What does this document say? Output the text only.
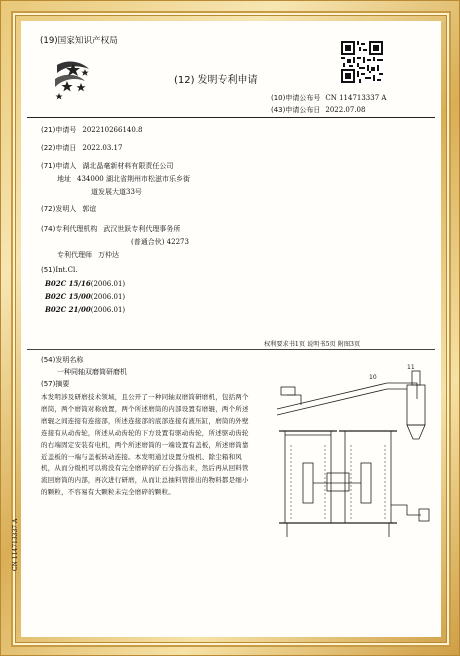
(19)国家知识产权局
(12) 发明专利申请
(10)申请公布号 CN 114713337 A
(43)申请公布日 2022.07.08
(21)申请号 202210266140.8
(22)申请日 2022.03.17
(71)申请人 湖北晶毫新材料有限责任公司
地址 434000 湖北省荆州市松滋市乐乡街
道发展大道33号
(72)发明人 郭谊
(74)专利代理机构 武汉世跃专利代理事务所
(普通合伙) 42273
专利代理师 万仲达
(51)Int.Cl.
B02C 15/16(2006.01)
B02C 15/00(2006.01)
B02C 21/00(2006.01)
权利要求书1页 说明书5页 附图3页
(54)发明名称
一种同轴双磨筒研磨机
(57)摘要
本发明涉及研磨技术领域，且公开了一种同轴双磨筒研磨机，包括两个磨筒，两个磨筒对称放置，两个所述磨筒的内部设置有磨辊，两个所述磨辊之间连接有连接部，所述连接部的底部连接有液压缸，磨筒的外壁连接有从动齿轮，所述从动齿轮的下方设置有驱动齿轮，所述驱动齿轮的右端固定安装有电机，两个所述磨筒的一端设置有盖板，所述磨筒靠近盖板的一端与盖板转动连接。本发明通过设置分级机、除尘箱和风机，从而分级机可以将没有完全磨碎的矿石分拣出来，然后再从回料管流回磨筒的内部，再次进行研磨，从而让总抽料管排出的物料都是细小的颗粒，不容易有大颗粒未完全磨碎的颗粒。
10
11
CN 114713337 A
